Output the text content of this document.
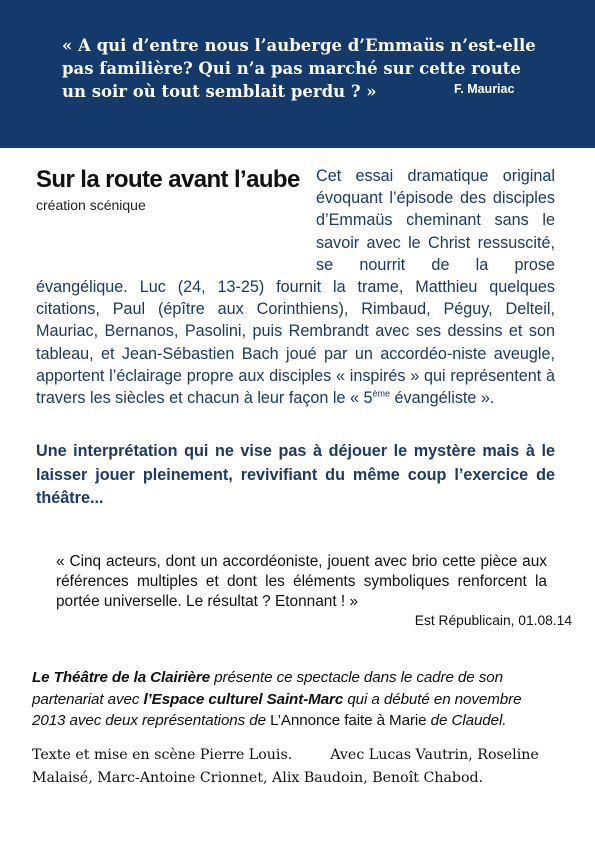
« A qui d’entre nous l’auberge d’Emmaüs n’est-elle pas familière? Qui n’a pas marché sur cette route un soir où tout semblait perdu ? »	F. Mauriac
Sur la route avant l’aube
création scénique

Cet essai dramatique original évoquant l’épisode des disciples d’Emmaüs cheminant sans le savoir avec le Christ ressuscité, se nourrit de la prose évangélique. Luc (24, 13-25) fournit la trame, Matthieu quelques citations, Paul (épître aux Corinthiens), Rimbaud, Péguy, Delteil, Mauriac, Bernanos, Pasolini, puis Rembrandt avec ses dessins et son tableau, et Jean-Sébastien Bach joué par un accordéo-niste aveugle, apportent l’éclairage propre aux disciples « inspirés » qui représentent à travers les siècles et chacun à leur façon le « 5ème évangéliste ».

Une interprétation qui ne vise pas à déjouer le mystère mais à le laisser jouer pleinement, revivifiant du même coup l’exercice de théâtre...

« Cinq acteurs, dont un accordéoniste, jouent avec brio cette pièce aux références multiples et dont les éléments symboliques renforcent la portée universelle. Le résultat ? Etonnant ! »

Est Républicain, 01.08.14

Le Théâtre de la Clairière présente ce spectacle dans le cadre de son partenariat avec l’Espace culturel Saint-Marc qui a débuté en novembre 2013 avec deux représentations de L’Annonce faite à Marie de Claudel.

Texte et mise en scène Pierre Louis.	Avec Lucas Vautrin, Roseline Malaisé, Marc-Antoine Crionnet, Alix Baudoin, Benoît Chabod.
